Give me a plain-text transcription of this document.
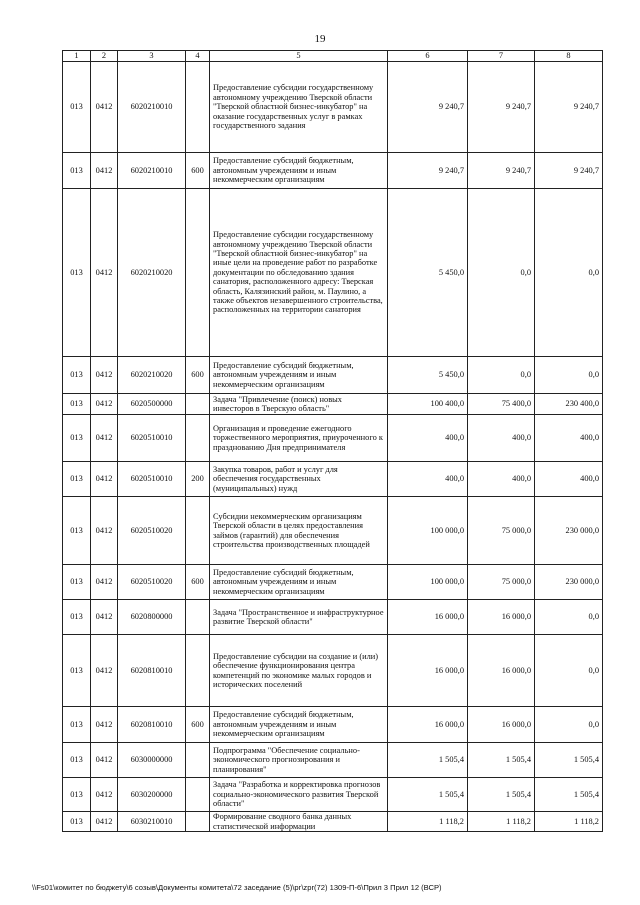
19
1	2	3	4	5	6	7	8
013	0412	6020210010		Предоставление субсидии государственному автономному учреждению Тверской области "Тверской областной бизнес-инкубатор" на оказание государственных услуг в рамках государственного задания	9 240,7	9 240,7	9 240,7
013	0412	6020210010	600	Предоставление субсидий бюджетным, автономным учреждениям и иным некоммерческим организациям	9 240,7	9 240,7	9 240,7
013	0412	6020210020		Предоставление субсидии государственному автономному учреждению Тверской области "Тверской областной бизнес-инкубатор" на иные цели на проведение работ по разработке документации по обследованию здания санатория, расположенного адресу: Тверская область, Калязинский район, м. Паулино, а также объектов незавершенного строительства, расположенных на территории санатория	5 450,0	0,0	0,0
013	0412	6020210020	600	Предоставление субсидий бюджетным, автономным учреждениям и иным некоммерческим организациям	5 450,0	0,0	0,0
013	0412	6020500000		Задача "Привлечение (поиск) новых инвесторов в Тверскую область"	100 400,0	75 400,0	230 400,0
013	0412	6020510010		Организация и проведение ежегодного торжественного мероприятия, приуроченного к празднованию Дня предпринимателя	400,0	400,0	400,0
013	0412	6020510010	200	Закупка товаров, работ и услуг для обеспечения государственных (муниципальных) нужд	400,0	400,0	400,0
013	0412	6020510020		Субсидии некоммерческим организациям Тверской области в целях предоставления займов (гарантий) для обеспечения строительства производственных площадей	100 000,0	75 000,0	230 000,0
013	0412	6020510020	600	Предоставление субсидий бюджетным, автономным учреждениям и иным некоммерческим организациям	100 000,0	75 000,0	230 000,0
013	0412	6020800000		Задача "Пространственное и инфраструктурное развитие Тверской области"	16 000,0	16 000,0	0,0
013	0412	6020810010		Предоставление субсидии на создание и (или) обеспечение функционирования центра компетенций по экономике малых городов и исторических поселений	16 000,0	16 000,0	0,0
013	0412	6020810010	600	Предоставление субсидий бюджетным, автономным учреждениям и иным некоммерческим организациям	16 000,0	16 000,0	0,0
013	0412	6030000000		Подпрограмма "Обеспечение социально-экономического прогнозирования и планирования"	1 505,4	1 505,4	1 505,4
013	0412	6030200000		Задача "Разработка и корректировка прогнозов социально-экономического развития Тверской области"	1 505,4	1 505,4	1 505,4
013	0412	6030210010		Формирование сводного банка данных статистической информации	1 118,2	1 118,2	1 118,2
\\Fs01\комитет по бюджету\6 созыв\Документы комитета\72 заседание (5)\рг\zpr(72) 1309-П-6\Прил 3 Прил 12 (ВСР)
